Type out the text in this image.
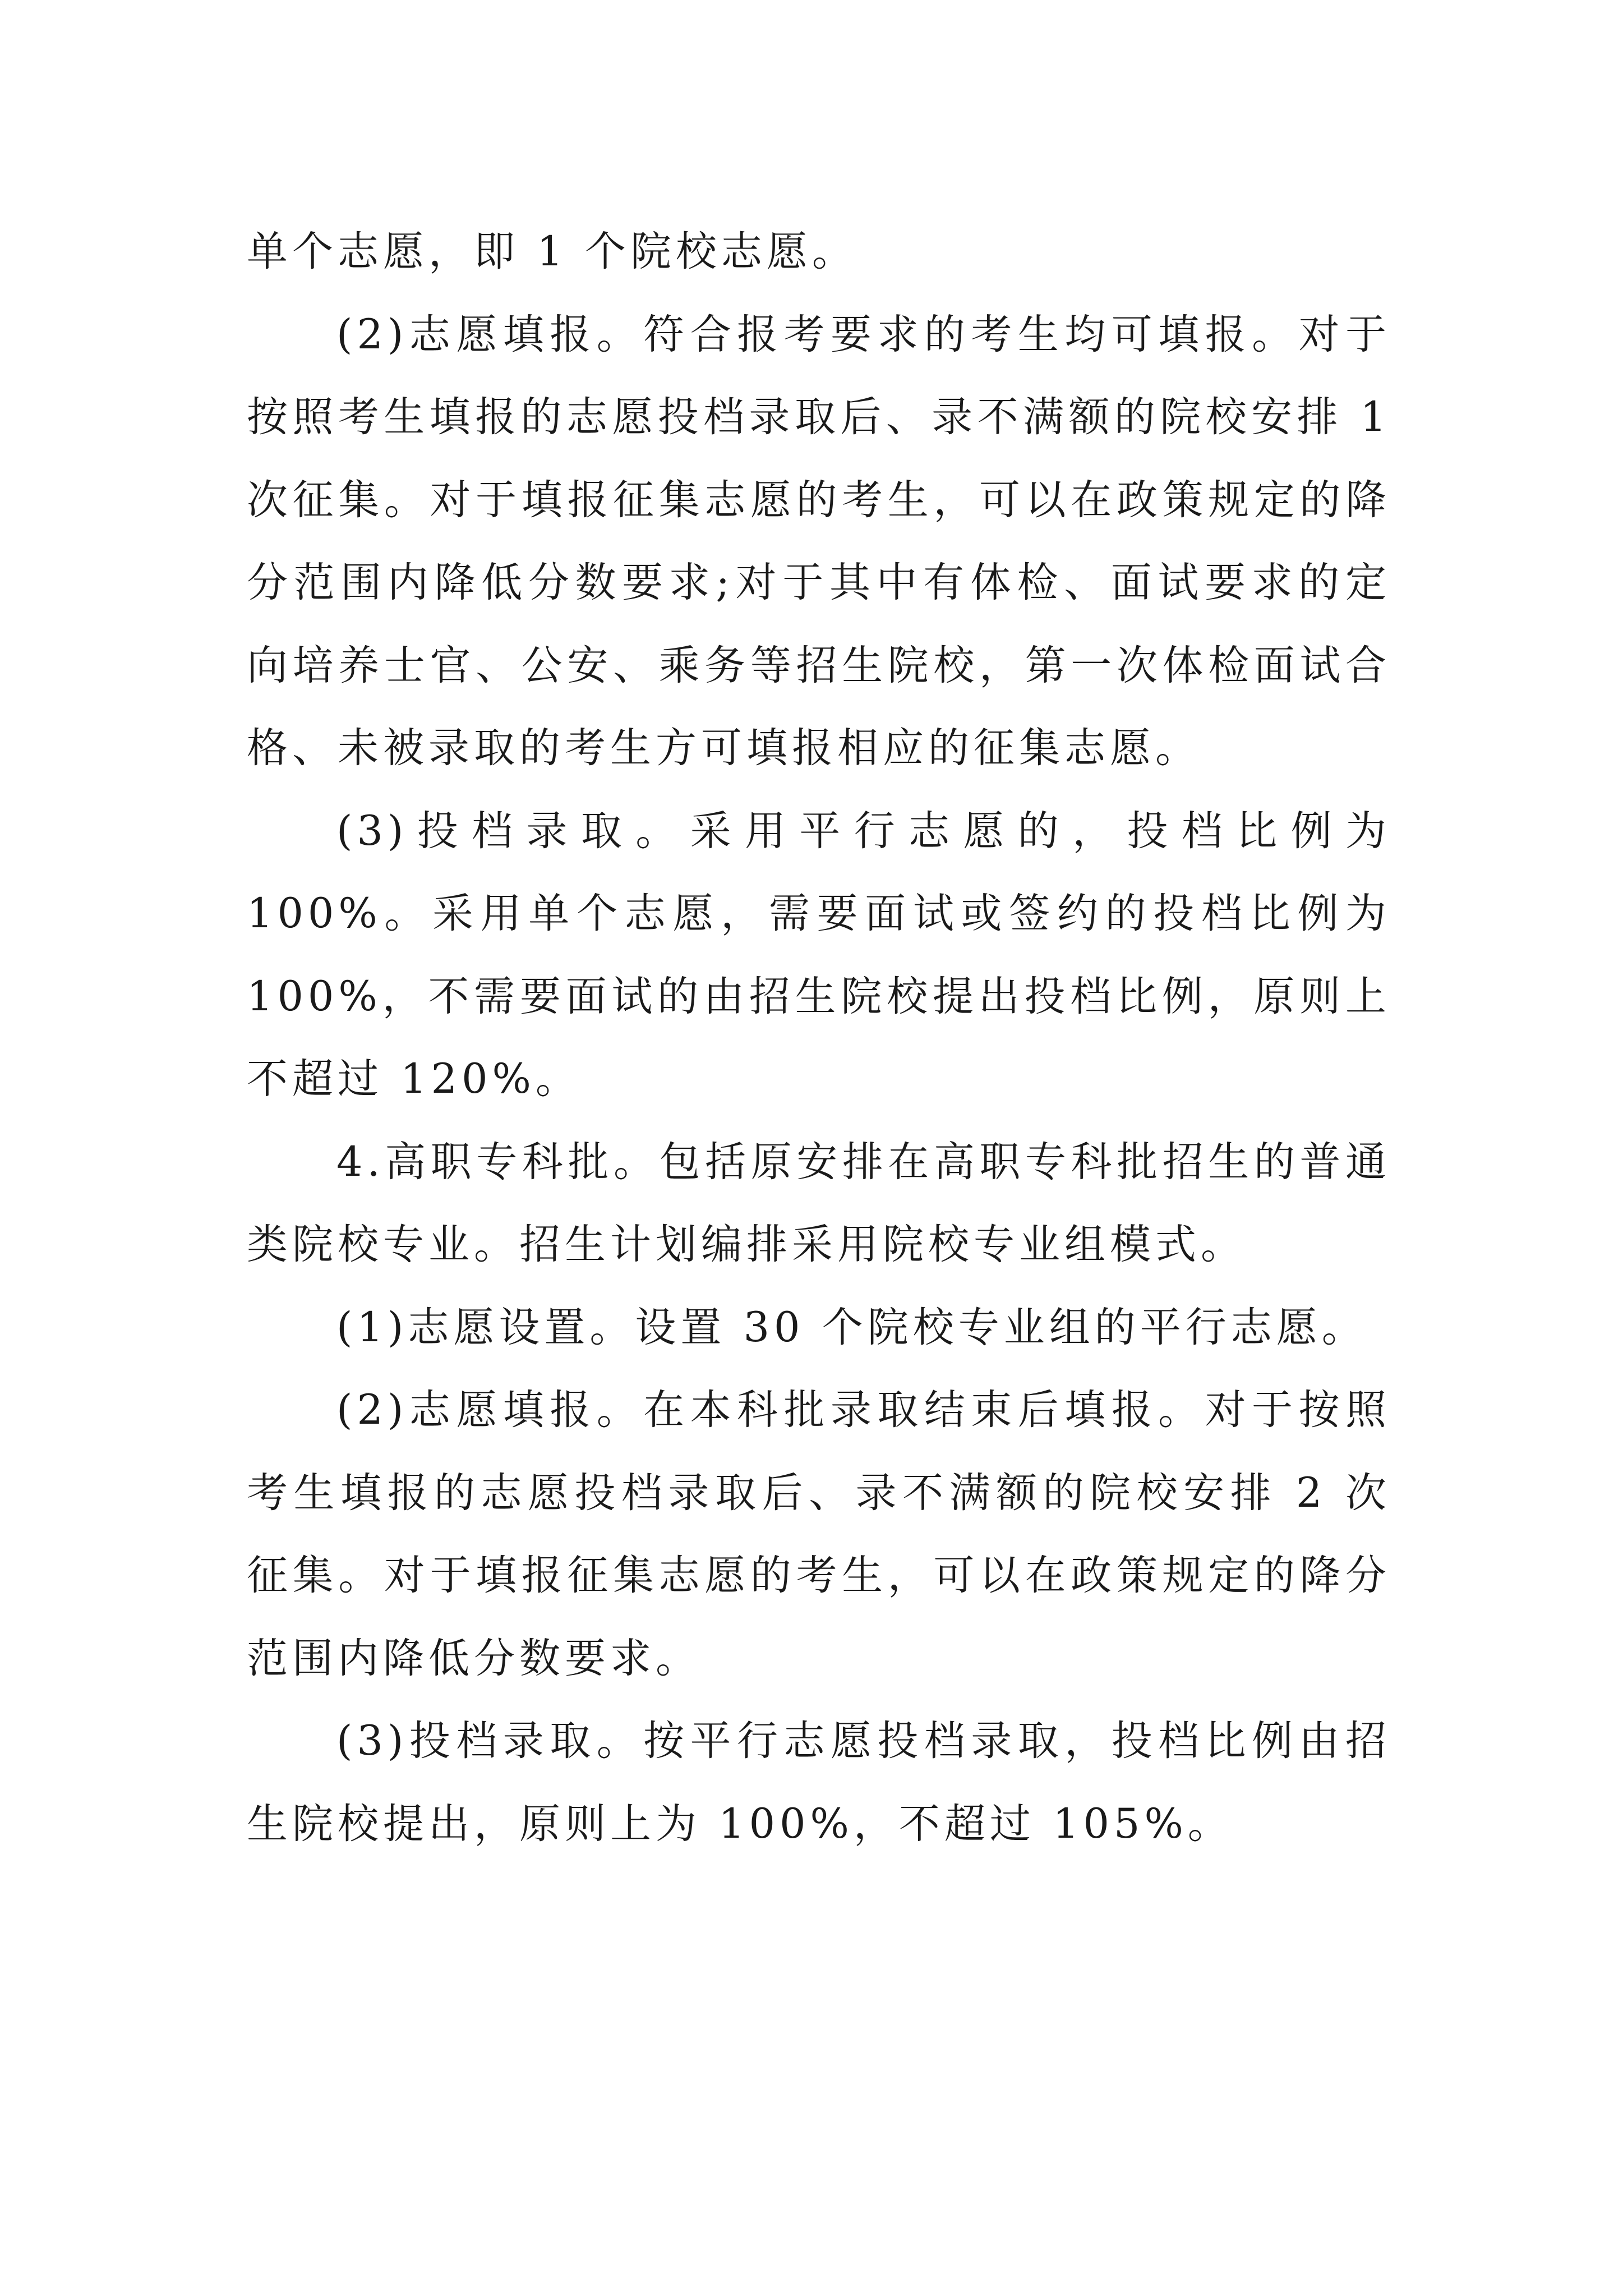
单个志愿，即 1 个院校志愿。

(2)志愿填报。符合报考要求的考生均可填报。对于按照考生填报的志愿投档录取后、录不满额的院校安排 1 次征集。对于填报征集志愿的考生，可以在政策规定的降分范围内降低分数要求;对于其中有体检、面试要求的定向培养士官、公安、乘务等招生院校，第一次体检面试合格、未被录取的考生方可填报相应的征集志愿。

(3)投档录取。采用平行志愿的，投档比例为 100%。采用单个志愿，需要面试或签约的投档比例为 100%，不需要面试的由招生院校提出投档比例，原则上不超过 120%。

4.高职专科批。包括原安排在高职专科批招生的普通类院校专业。招生计划编排采用院校专业组模式。

(1)志愿设置。设置 30 个院校专业组的平行志愿。

(2)志愿填报。在本科批录取结束后填报。对于按照考生填报的志愿投档录取后、录不满额的院校安排 2 次征集。对于填报征集志愿的考生，可以在政策规定的降分范围内降低分数要求。

(3)投档录取。按平行志愿投档录取，投档比例由招生院校提出，原则上为 100%，不超过 105%。
